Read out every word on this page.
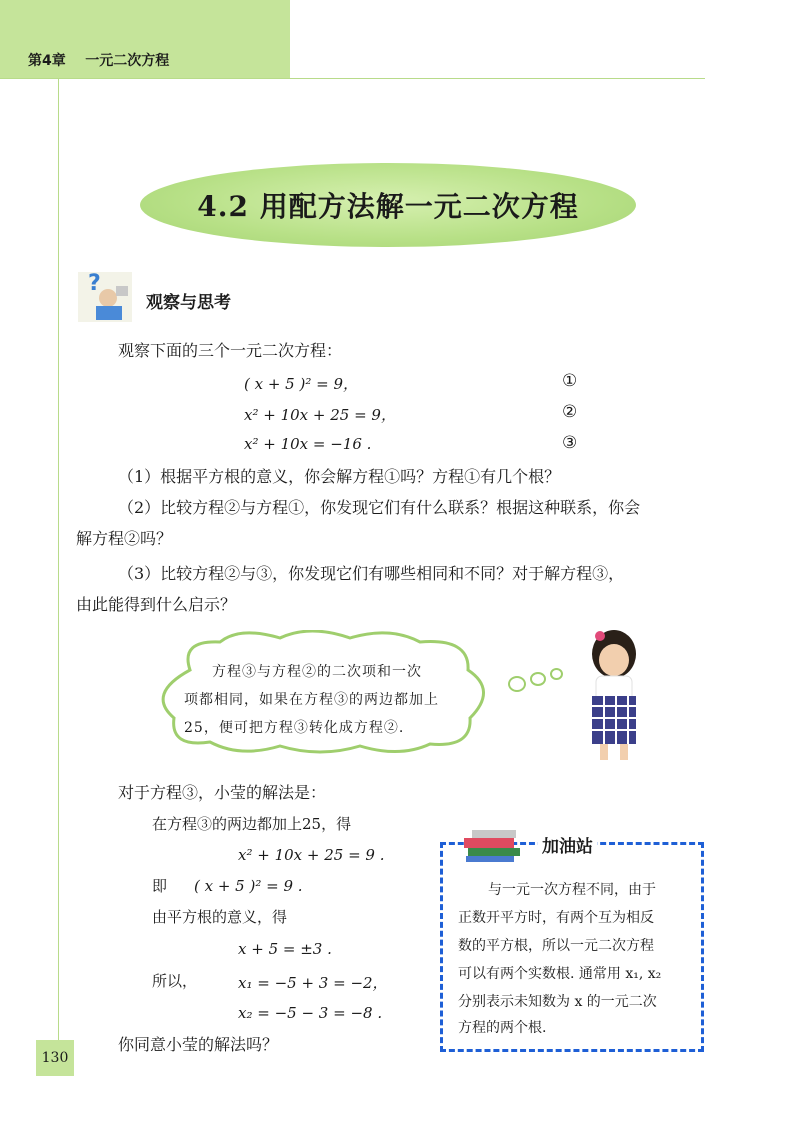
第4章    一元二次方程
4.2 用配方法解一元二次方程
?
观察与思考
观察下面的三个一元二次方程：
( x + 5 )² = 9，	①
x² + 10x + 25 = 9，	②
x² + 10x = −16 .	③
（1）根据平方根的意义，你会解方程①吗？方程①有几个根？
（2）比较方程②与方程①，你发现它们有什么联系？根据这种联系，你会
解方程②吗？
（3）比较方程②与③，你发现它们有哪些相同和不同？对于解方程③，
由此能得到什么启示？
方程③与方程②的二次项和一次
项都相同，如果在方程③的两边都加上
25，便可把方程③转化成方程②.
对于方程③，小莹的解法是：
在方程③的两边都加上25，得
x² + 10x + 25 = 9 .
即 ( x + 5 )² = 9 .
由平方根的意义，得
x + 5 = ±3 .
所以，	x₁ = −5 + 3 = −2，
x₂ = −5 − 3 = −8 .
你同意小莹的解法吗？
加油站
与一元一次方程不同，由于
正数开平方时，有两个互为相反
数的平方根，所以一元二次方程
可以有两个实数根. 通常用 x₁, x₂
分别表示未知数为 x 的一元二次
方程的两个根.
130
